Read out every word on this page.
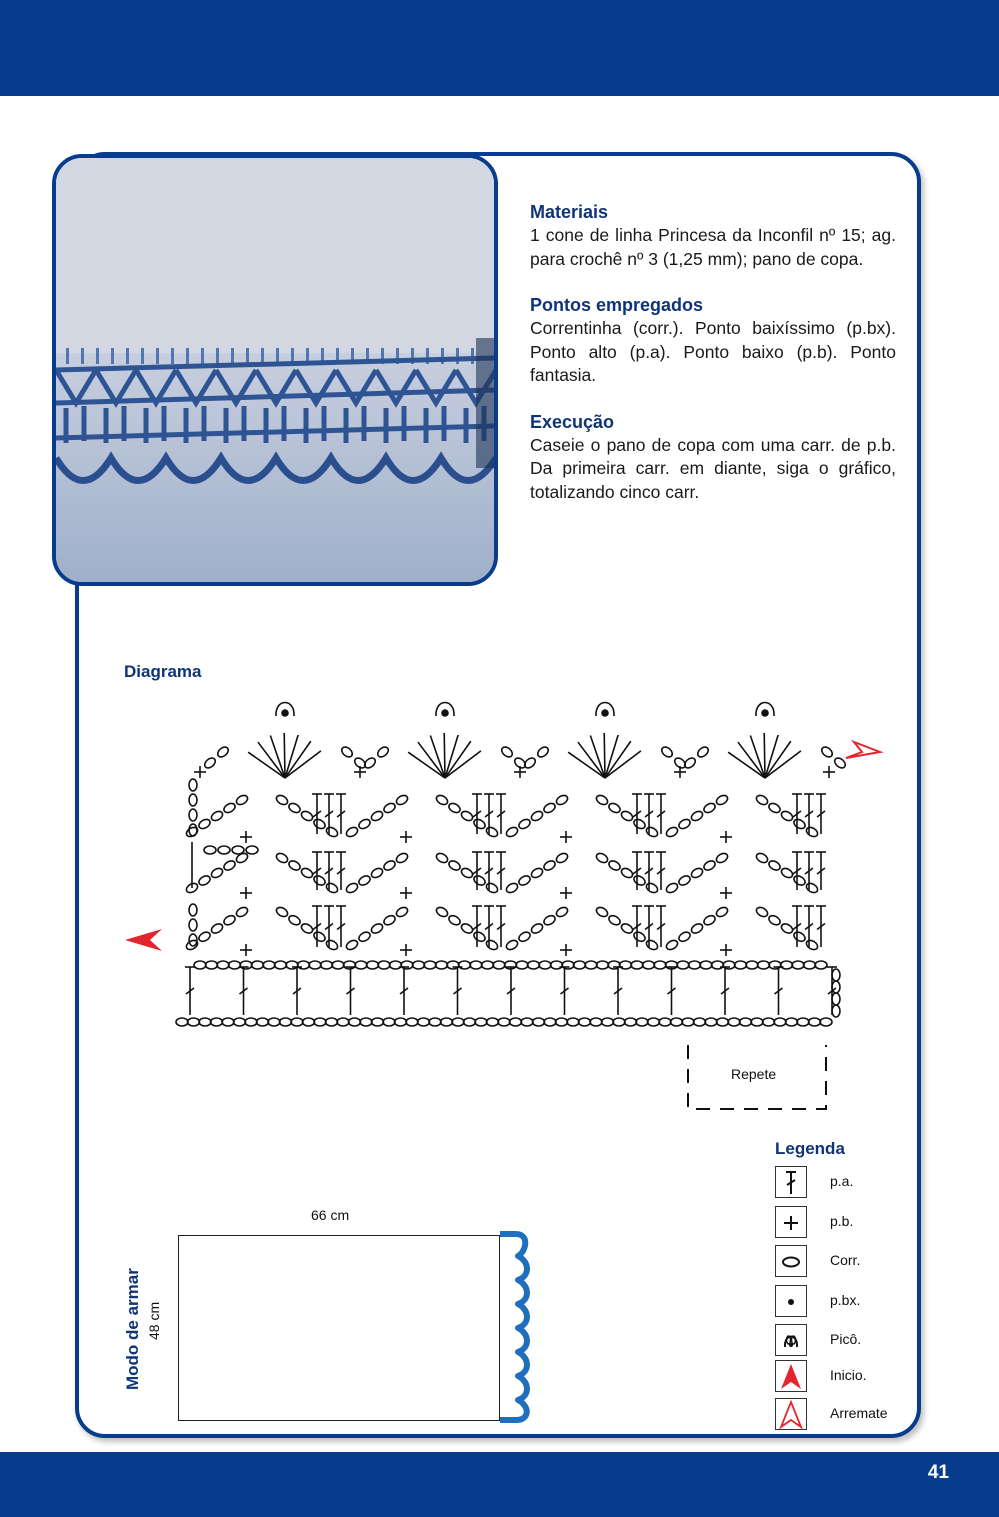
Materiais

1 cone de linha Princesa da Inconfil nº 15; ag. para crochê nº 3 (1,25 mm); pano de copa.

Pontos empregados

Correntinha (corr.). Ponto baixíssimo (p.bx). Ponto alto (p.a). Ponto baixo (p.b). Ponto fantasia.

Execução

Caseie o pano de copa com uma carr. de p.b. Da primeira carr. em diante, siga o gráfico, totalizando cinco carr.

Diagrama
Repete
Legenda
p.a.
p.b.
Corr.
p.bx.
Picô.
Inicio.
Arremate
66 cm
Modo de armar 48 cm
41
